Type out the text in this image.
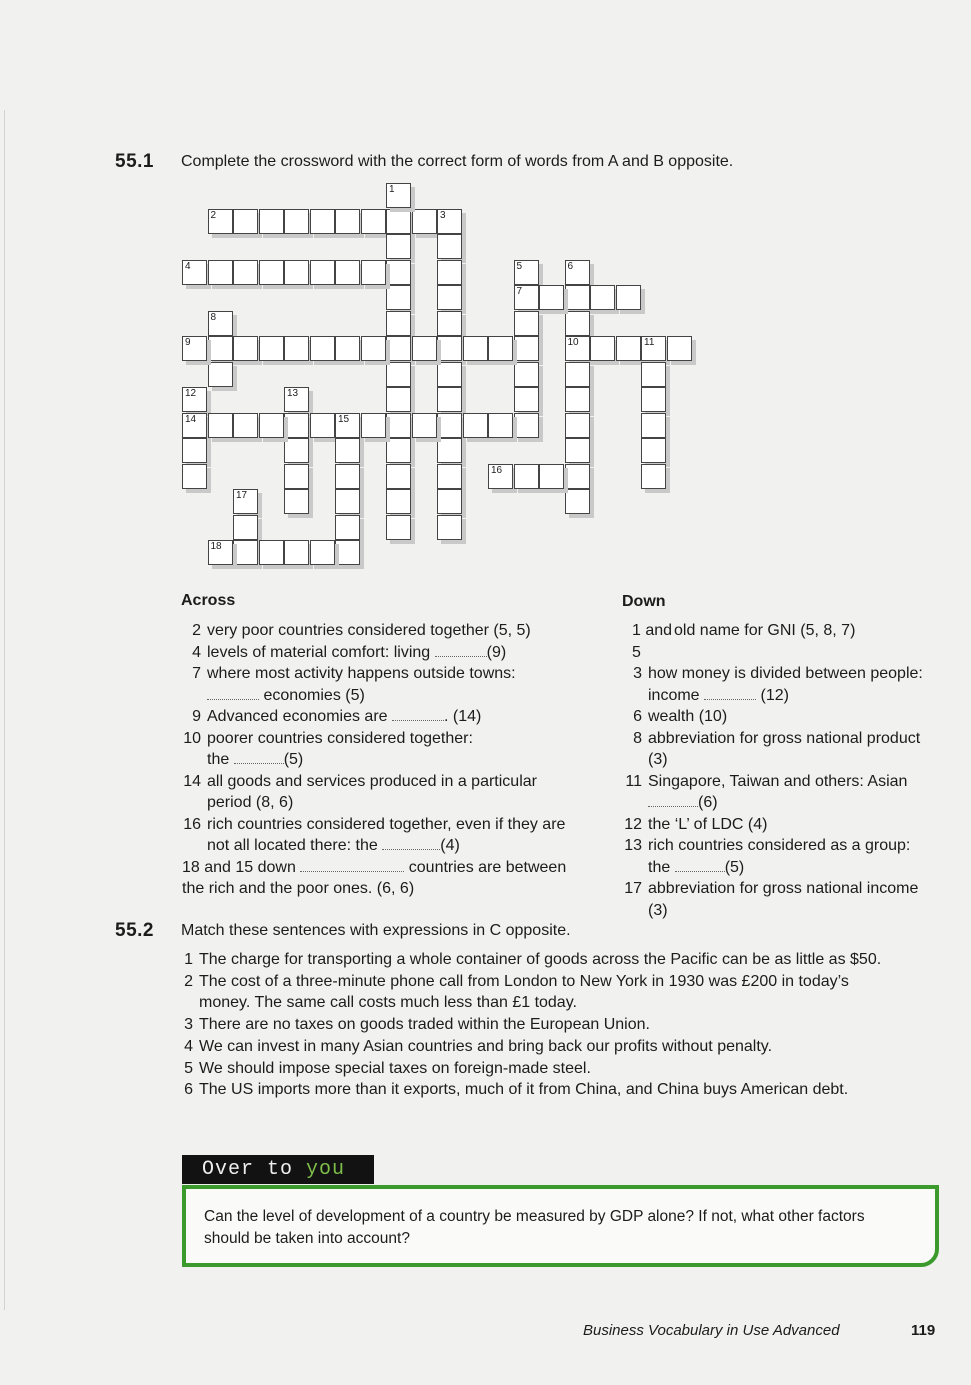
55.1 Complete the crossword with the correct form of words from A and B opposite.
2	3
1
4	5
7
6
10
8
9	11
12
14
13
15
16
17
18
Across	Down
2 very poor countries considered together (5, 5)
4 levels of material comfort: living	(9)
7 where most activity happens outside towns:
economies (5)
9 Advanced economies are	. (14)
10 poorer countries considered together:
the	(5)
14 all goods and services produced in a particular period (8, 6)
16 rich countries considered together, even if they are not all located there: the	(4)
18 and 15 down	countries are between the rich and the poor ones. (6, 6)
1 and 5
old name for GNI (5, 8, 7)
3 how money is divided between people: income	(12)
6 wealth (10)
8 abbreviation for gross national product (3)
11 Singapore, Taiwan and others: Asian
(6)
12 the ‘L’ of LDC (4)
13 rich countries considered as a group: the	(5)
17 abbreviation for gross national income (3)
55.2 Match these sentences with expressions in C opposite.
1 The charge for transporting a whole container of goods across the Pacific can be as little as $50.
2 The cost of a three-minute phone call from London to New York in 1930 was £200 in today’s money. The same call costs much less than £1 today.
3 There are no taxes on goods traded within the European Union.
4 We can invest in many Asian countries and bring back our profits without penalty.
5 We should impose special taxes on foreign-made steel.
6 The US imports more than it exports, much of it from China, and China buys American debt.
Over to you
Can the level of development of a country be measured by GDP alone? If not, what other factors should be taken into account?
Business Vocabulary in Use Advanced	119
